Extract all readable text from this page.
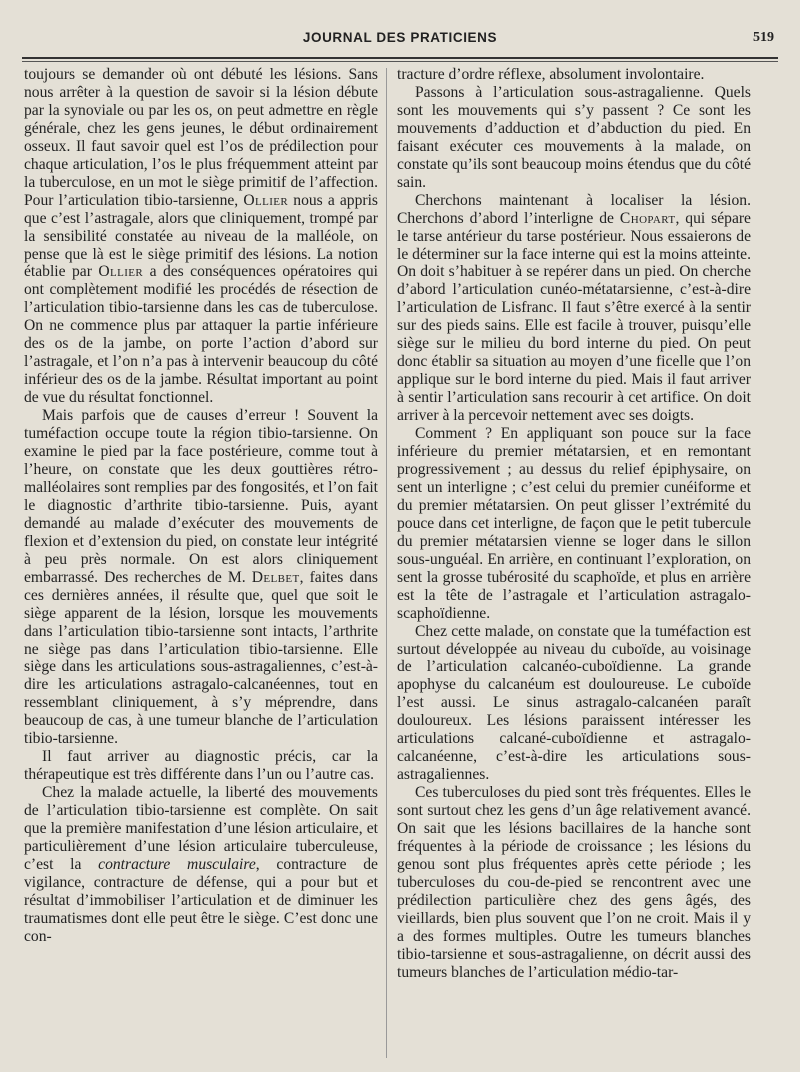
JOURNAL DES PRATICIENS	519

toujours se demander où ont débuté les lésions. Sans nous arrêter à la question de savoir si la lésion débute par la synoviale ou par les os, on peut admettre en règle générale, chez les gens jeunes, le début ordinairement osseux. Il faut savoir quel est l’os de prédilection pour chaque articulation, l’os le plus fréquemment atteint par la tuberculose, en un mot le siège primitif de l’affection. Pour l’articulation tibio-tarsienne, Ollier nous a appris que c’est l’astragale, alors que cliniquement, trompé par la sensibilité constatée au niveau de la malléole, on pense que là est le siège primitif des lésions. La notion établie par Ollier a des conséquences opératoires qui ont complètement modifié les procédés de résection de l’articulation tibio-tarsienne dans les cas de tuberculose. On ne commence plus par attaquer la partie inférieure des os de la jambe, on porte l’action d’abord sur l’astragale, et l’on n’a pas à intervenir beaucoup du côté inférieur des os de la jambe. Résultat important au point de vue du résultat fonctionnel.

Mais parfois que de causes d’erreur ! Souvent la tuméfaction occupe toute la région tibio-tarsienne. On examine le pied par la face postérieure, comme tout à l’heure, on constate que les deux gouttières rétro-malléolaires sont remplies par des fongosités, et l’on fait le diagnostic d’arthrite tibio-tarsienne. Puis, ayant demandé au malade d’exécuter des mouvements de flexion et d’extension du pied, on constate leur intégrité à peu près normale. On est alors cliniquement embarrassé. Des recherches de M. Delbet, faites dans ces dernières années, il résulte que, quel que soit le siège apparent de la lésion, lorsque les mouvements dans l’articulation tibio-tarsienne sont intacts, l’arthrite ne siège pas dans l’articulation tibio-tarsienne. Elle siège dans les articulations sous-astragaliennes, c’est-à-dire les articulations astragalo-calcanéennes, tout en ressemblant cliniquement, à s’y méprendre, dans beaucoup de cas, à une tumeur blanche de l’articulation tibio-tarsienne.

Il faut arriver au diagnostic précis, car la thérapeutique est très différente dans l’un ou l’autre cas.

Chez la malade actuelle, la liberté des mouvements de l’articulation tibio-tarsienne est complète. On sait que la première manifestation d’une lésion articulaire, et particulièrement d’une lésion articulaire tuberculeuse, c’est la contracture musculaire, contracture de vigilance, contracture de défense, qui a pour but et résultat d’immobiliser l’articulation et de diminuer les traumatismes dont elle peut être le siège. C’est donc une con-

tracture d’ordre réflexe, absolument involontaire.

Passons à l’articulation sous-astragalienne. Quels sont les mouvements qui s’y passent ? Ce sont les mouvements d’adduction et d’abduction du pied. En faisant exécuter ces mouvements à la malade, on constate qu’ils sont beaucoup moins étendus que du côté sain.

Cherchons maintenant à localiser la lésion. Cherchons d’abord l’interligne de Chopart, qui sépare le tarse antérieur du tarse postérieur. Nous essaierons de le déterminer sur la face interne qui est la moins atteinte. On doit s’habituer à se repérer dans un pied. On cherche d’abord l’articulation cunéo-métatarsienne, c’est-à-dire l’articulation de Lisfranc. Il faut s’être exercé à la sentir sur des pieds sains. Elle est facile à trouver, puisqu’elle siège sur le milieu du bord interne du pied. On peut donc établir sa situation au moyen d’une ficelle que l’on applique sur le bord interne du pied. Mais il faut arriver à sentir l’articulation sans recourir à cet artifice. On doit arriver à la percevoir nettement avec ses doigts.

Comment ? En appliquant son pouce sur la face inférieure du premier métatarsien, et en remontant progressivement ; au dessus du relief épiphysaire, on sent un interligne ; c’est celui du premier cunéiforme et du premier métatarsien. On peut glisser l’extrémité du pouce dans cet interligne, de façon que le petit tubercule du premier métatarsien vienne se loger dans le sillon sous-unguéal. En arrière, en continuant l’exploration, on sent la grosse tubérosité du scaphoïde, et plus en arrière est la tête de l’astragale et l’articulation astragalo-scaphoïdienne.

Chez cette malade, on constate que la tuméfaction est surtout développée au niveau du cuboïde, au voisinage de l’articulation calcanéo-cuboïdienne. La grande apophyse du calcanéum est douloureuse. Le cuboïde l’est aussi. Le sinus astragalo-calcanéen paraît douloureux. Les lésions paraissent intéresser les articulations calcané-cuboïdienne et astragalo-calcanéenne, c’est-à-dire les articulations sous-astragaliennes.

Ces tuberculoses du pied sont très fréquentes. Elles le sont surtout chez les gens d’un âge relativement avancé. On sait que les lésions bacillaires de la hanche sont fréquentes à la période de croissance ; les lésions du genou sont plus fréquentes après cette période ; les tuberculoses du cou-de-pied se rencontrent avec une prédilection particulière chez des gens âgés, des vieillards, bien plus souvent que l’on ne croit. Mais il y a des formes multiples. Outre les tumeurs blanches tibio-tarsienne et sous-astragalienne, on décrit aussi des tumeurs blanches de l’articulation médio-tar-
